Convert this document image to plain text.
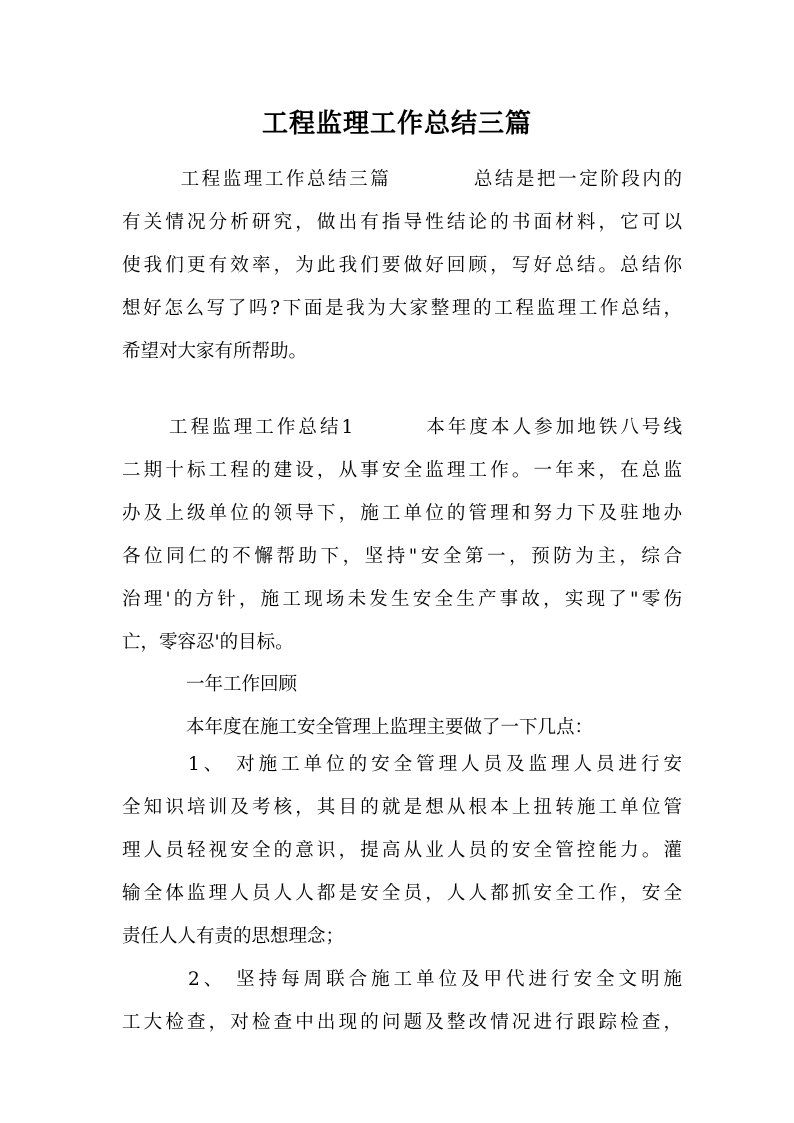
工程监理工作总结三篇
工程监理工作总结三篇	总结是把一定阶段内的
有关情况分析研究，做出有指导性结论的书面材料，它可以
使我们更有效率，为此我们要做好回顾，写好总结。总结你
想好怎么写了吗?下面是我为大家整理的工程监理工作总结，
希望对大家有所帮助。
工程监理工作总结1	本年度本人参加地铁八号线
二期十标工程的建设，从事安全监理工作。一年来，在总监
办及上级单位的领导下，施工单位的管理和努力下及驻地办
各位同仁的不懈帮助下，坚持"安全第一，预防为主，综合
治理'的方针，施工现场未发生安全生产事故，实现了"零伤
亡，零容忍'的目标。
一年工作回顾
本年度在施工安全管理上监理主要做了一下几点：
1、 对施工单位的安全管理人员及监理人员进行安
全知识培训及考核，其目的就是想从根本上扭转施工单位管
理人员轻视安全的意识，提高从业人员的安全管控能力。灌
输全体监理人员人人都是安全员，人人都抓安全工作，安全
责任人人有责的思想理念；
2、 坚持每周联合施工单位及甲代进行安全文明施
工大检查，对检查中出现的问题及整改情况进行跟踪检查，
